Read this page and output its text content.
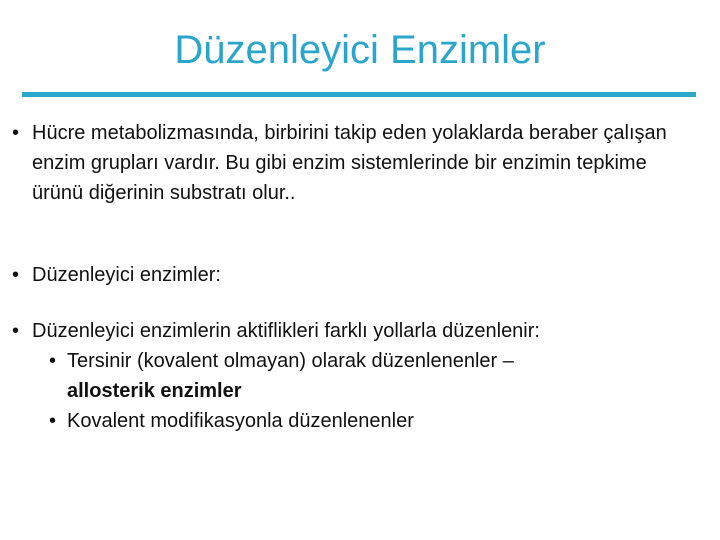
Düzenleyici Enzimler
• Hücre metabolizmasında, birbirini takip eden yolaklarda beraber çalışan enzim grupları vardır. Bu gibi enzim sistemlerinde bir enzimin tepkime ürünü diğerinin substratı olur..
• Düzenleyici enzimler:
• Düzenleyici enzimlerin aktiflikleri farklı yollarla düzenlenir:
• Tersinir (kovalent olmayan) olarak düzenlenenler –
allosterik enzimler
• Kovalent modifikasyonla düzenlenenler
